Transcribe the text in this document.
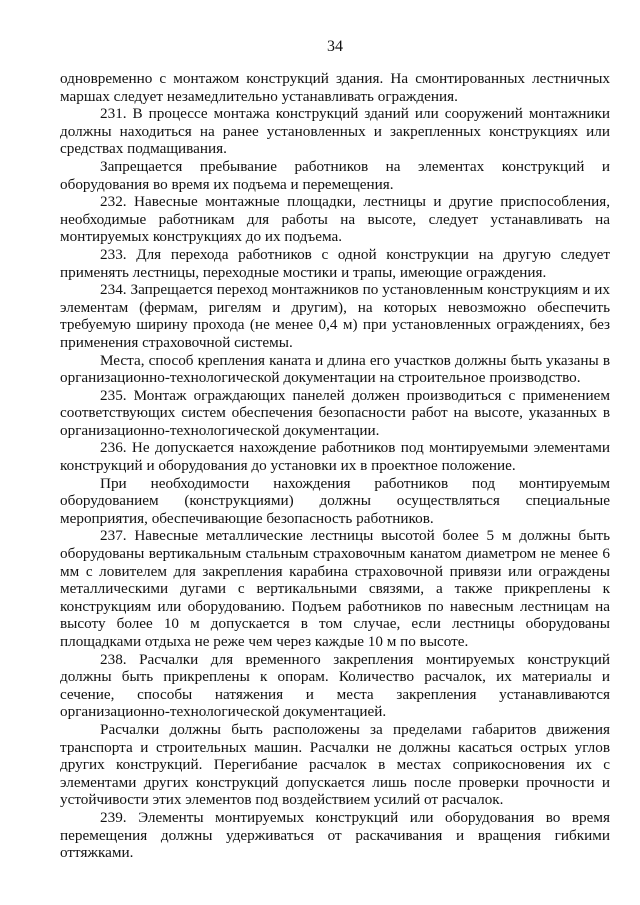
34

одновременно с монтажом конструкций здания. На смонтированных лестничных маршах следует незамедлительно устанавливать ограждения.

231. В процессе монтажа конструкций зданий или сооружений монтажники должны находиться на ранее установленных и закрепленных конструкциях или средствах подмащивания.

Запрещается пребывание работников на элементах конструкций и оборудования во время их подъема и перемещения.

232. Навесные монтажные площадки, лестницы и другие приспособления, необходимые работникам для работы на высоте, следует устанавливать на монтируемых конструкциях до их подъема.

233. Для перехода работников с одной конструкции на другую следует применять лестницы, переходные мостики и трапы, имеющие ограждения.

234. Запрещается переход монтажников по установленным конструкциям и их элементам (фермам, ригелям и другим), на которых невозможно обеспечить требуемую ширину прохода (не менее 0,4 м) при установленных ограждениях, без применения страховочной системы.

Места, способ крепления каната и длина его участков должны быть указаны в организационно-технологической документации на строительное производство.

235. Монтаж ограждающих панелей должен производиться с применением соответствующих систем обеспечения безопасности работ на высоте, указанных в организационно-технологической документации.

236. Не допускается нахождение работников под монтируемыми элементами конструкций и оборудования до установки их в проектное положение.

При необходимости нахождения работников под монтируемым оборудованием (конструкциями) должны осуществляться специальные мероприятия, обеспечивающие безопасность работников.

237. Навесные металлические лестницы высотой более 5 м должны быть оборудованы вертикальным стальным страховочным канатом диаметром не менее 6 мм с ловителем для закрепления карабина страховочной привязи или ограждены металлическими дугами с вертикальными связями, а также прикреплены к конструкциям или оборудованию. Подъем работников по навесным лестницам на высоту более 10 м допускается в том случае, если лестницы оборудованы площадками отдыха не реже чем через каждые 10 м по высоте.

238. Расчалки для временного закрепления монтируемых конструкций должны быть прикреплены к опорам. Количество расчалок, их материалы и сечение, способы натяжения и места закрепления устанавливаются организационно-технологической документацией.

Расчалки должны быть расположены за пределами габаритов движения транспорта и строительных машин. Расчалки не должны касаться острых углов других конструкций. Перегибание расчалок в местах соприкосновения их с элементами других конструкций допускается лишь после проверки прочности и устойчивости этих элементов под воздействием усилий от расчалок.

239. Элементы монтируемых конструкций или оборудования во время перемещения должны удерживаться от раскачивания и вращения гибкими оттяжками.
